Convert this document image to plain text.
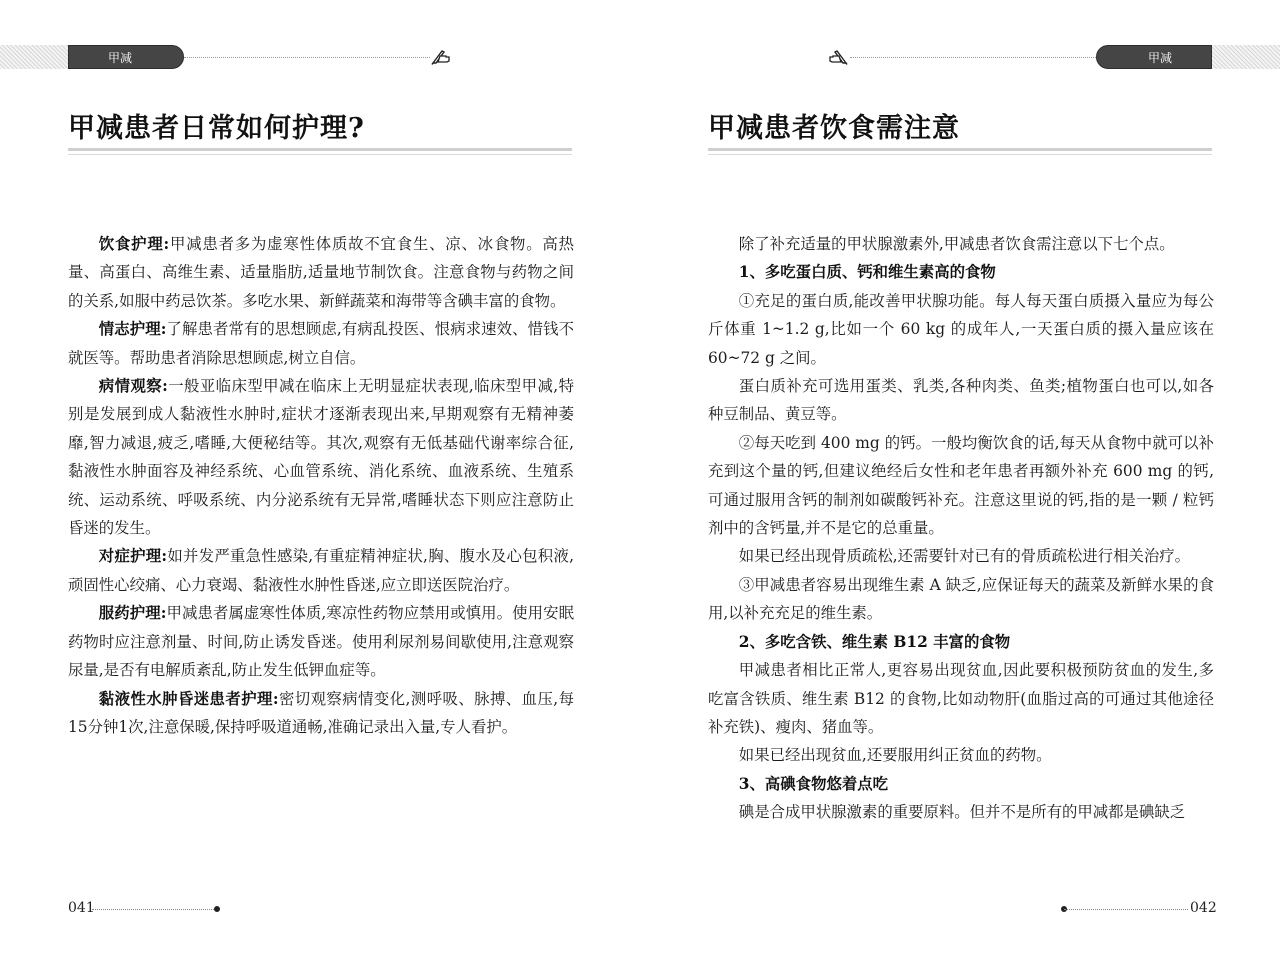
甲减
甲减患者日常如何护理?

饮食护理:甲减患者多为虚寒性体质故不宜食生、凉、冰食物。高热量、高蛋白、高维生素、适量脂肪,适量地节制饮食。注意食物与药物之间的关系,如服中药忌饮茶。多吃水果、新鲜蔬菜和海带等含碘丰富的食物。

情志护理:了解患者常有的思想顾虑,有病乱投医、恨病求速效、惜钱不就医等。帮助患者消除思想顾虑,树立自信。

病情观察:一般亚临床型甲减在临床上无明显症状表现,临床型甲减,特别是发展到成人黏液性水肿时,症状才逐渐表现出来,早期观察有无精神萎靡,智力减退,疲乏,嗜睡,大便秘结等。其次,观察有无低基础代谢率综合征,黏液性水肿面容及神经系统、心血管系统、消化系统、血液系统、生殖系统、运动系统、呼吸系统、内分泌系统有无异常,嗜睡状态下则应注意防止昏迷的发生。

对症护理:如并发严重急性感染,有重症精神症状,胸、腹水及心包积液,顽固性心绞痛、心力衰竭、黏液性水肿性昏迷,应立即送医院治疗。

服药护理:甲减患者属虚寒性体质,寒凉性药物应禁用或慎用。使用安眠药物时应注意剂量、时间,防止诱发昏迷。使用利尿剂易间歇使用,注意观察尿量,是否有电解质紊乱,防止发生低钾血症等。

黏液性水肿昏迷患者护理:密切观察病情变化,测呼吸、脉搏、血压,每15分钟1次,注意保暖,保持呼吸道通畅,准确记录出入量,专人看护。

041
甲减
甲减患者饮食需注意

除了补充适量的甲状腺激素外,甲减患者饮食需注意以下七个点。

1、多吃蛋白质、钙和维生素高的食物

①充足的蛋白质,能改善甲状腺功能。每人每天蛋白质摄入量应为每公斤体重 1~1.2 g,比如一个 60 kg 的成年人,一天蛋白质的摄入量应该在 60~72 g 之间。

蛋白质补充可选用蛋类、乳类,各种肉类、鱼类;植物蛋白也可以,如各种豆制品、黄豆等。

②每天吃到 400 mg 的钙。一般均衡饮食的话,每天从食物中就可以补充到这个量的钙,但建议绝经后女性和老年患者再额外补充 600 mg 的钙,可通过服用含钙的制剂如碳酸钙补充。注意这里说的钙,指的是一颗 / 粒钙剂中的含钙量,并不是它的总重量。

如果已经出现骨质疏松,还需要针对已有的骨质疏松进行相关治疗。

③甲减患者容易出现维生素 A 缺乏,应保证每天的蔬菜及新鲜水果的食用,以补充充足的维生素。

2、多吃含铁、维生素 B12 丰富的食物

甲减患者相比正常人,更容易出现贫血,因此要积极预防贫血的发生,多吃富含铁质、维生素 B12 的食物,比如动物肝(血脂过高的可通过其他途径补充铁)、瘦肉、猪血等。

如果已经出现贫血,还要服用纠正贫血的药物。

3、高碘食物悠着点吃

碘是合成甲状腺激素的重要原料。但并不是所有的甲减都是碘缺乏

042
